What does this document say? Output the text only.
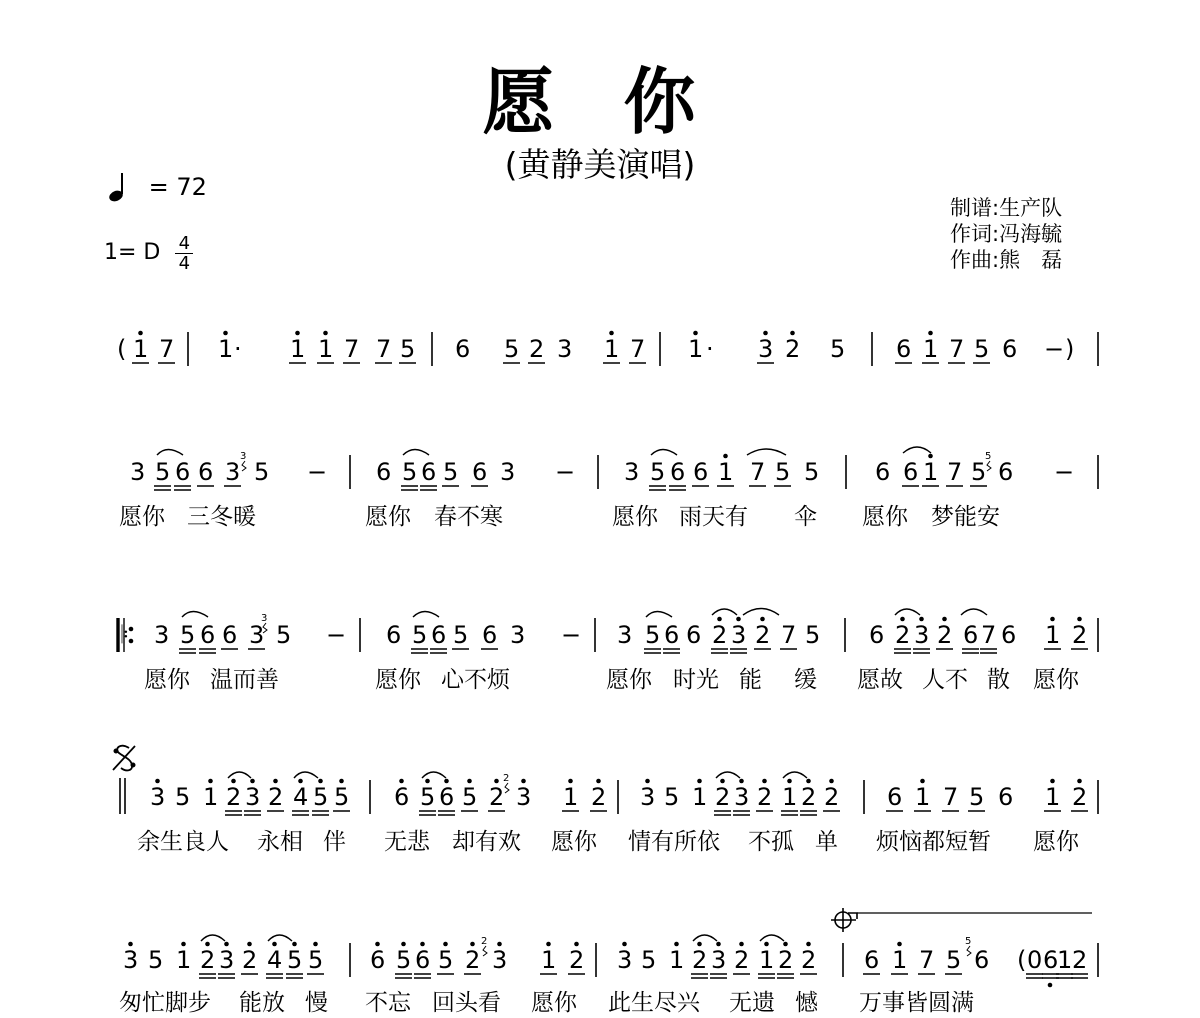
愿 你
(黄静美演唱)
= 72
1= D $\frac{4}{4}$
制谱:
作词:
作曲:
生产队
冯海毓
熊　磊
( 1 7 1 · 1 1 7 7 5 6 5 2 3 1 7 1 · 3 2 5 6 1 7 5 6 − )
3 5 6 6 3 5 − 6 5 6 5 6 3 − 3 5 6 6 1 7 5 5 6 6 1 7 5 6 −
愿你 三冬暖	愿你 春不寒	愿你 雨天有 伞 愿你 梦能安
𝄆 3 5 6 6 3 5 − 6 5 6 5 6 3 − 3 5 6 6 2 3 2 7 5 6 2 3 2 6 7 6 1 2
愿你 温而善	愿你 心不烦	愿你 时光 能 缓 愿故 人不 散 愿你
3 5 1 2 3 2 4 5 5 6 5 6 5 2 3 1 2 3 5 1 2 3 2 1 2 2 6 1 7 5 6 1 2
余生良人 永相 伴 无悲 却有欢 愿你 情有所依 不孤 单 烦恼都短暂 愿你
3 5 1 2 3 2 4 5 5 6 5 6 5 2 3 1 2 3 5 1 2 3 2 1 2 2 6 1 7 5 6 ( 0 6
1 2
匆忙脚步 能放 慢 不忘 回头看 愿你 此生尽兴 无遗 憾 万事皆圆满
3	5
3
2
2	5
